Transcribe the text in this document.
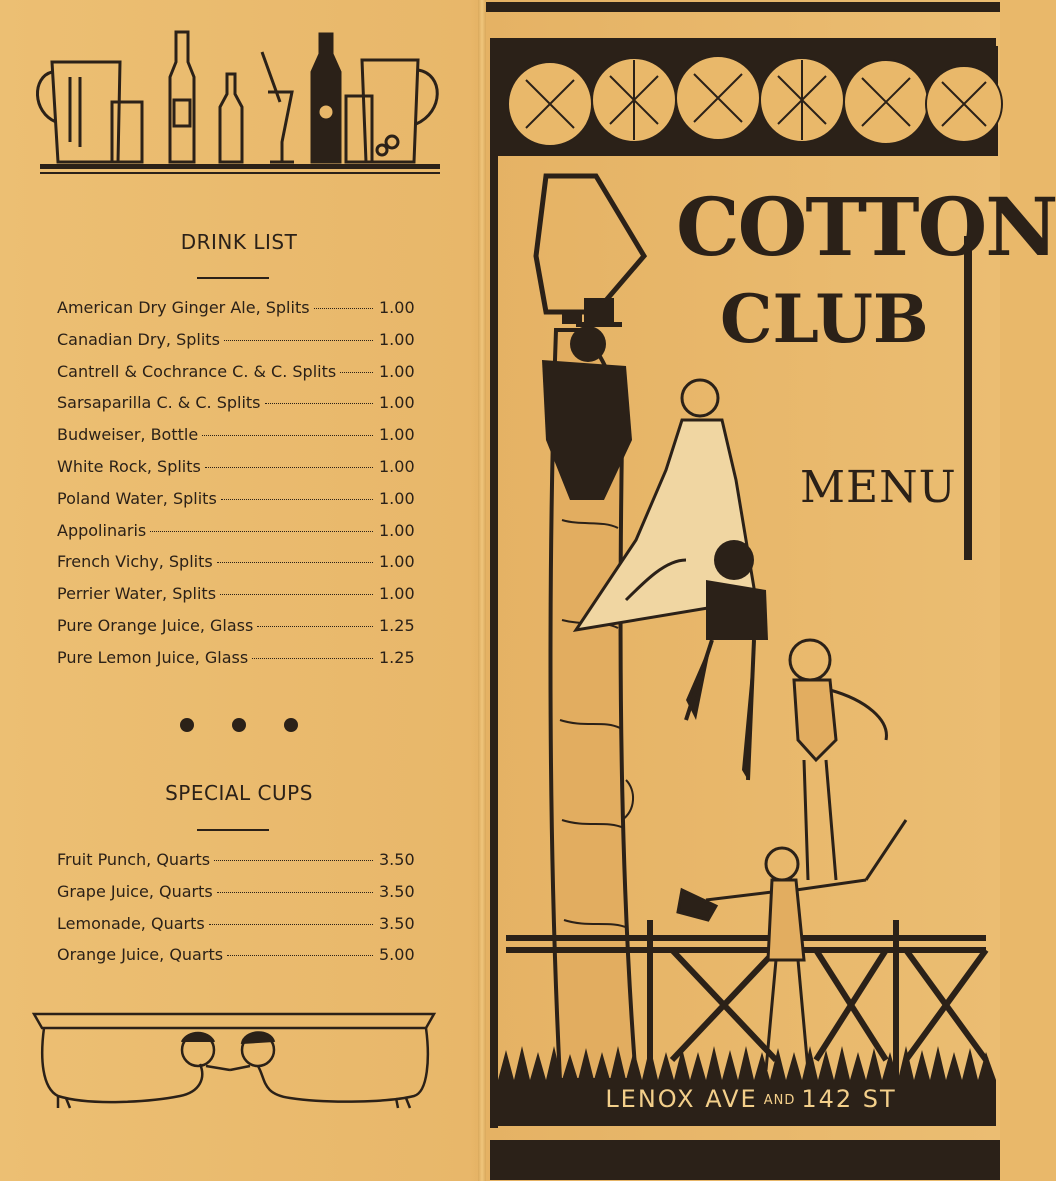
DRINK LIST
American Dry Ginger Ale, Splits	1.00
Canadian Dry, Splits	1.00
Cantrell & Cochrance C. & C. Splits	1.00
Sarsaparilla C. & C. Splits	1.00
Budweiser, Bottle	1.00
White Rock, Splits	1.00
Poland Water, Splits	1.00
Appolinaris	1.00
French Vichy, Splits	1.00
Perrier Water, Splits	1.00
Pure Orange Juice, Glass	1.25
Pure Lemon Juice, Glass	1.25
SPECIAL CUPS
Fruit Punch, Quarts	3.50
Grape Juice, Quarts	3.50
Lemonade, Quarts	3.50
Orange Juice, Quarts	5.00
COTTON
CLUB
MENU
LENOX AVE AND 142 ST
